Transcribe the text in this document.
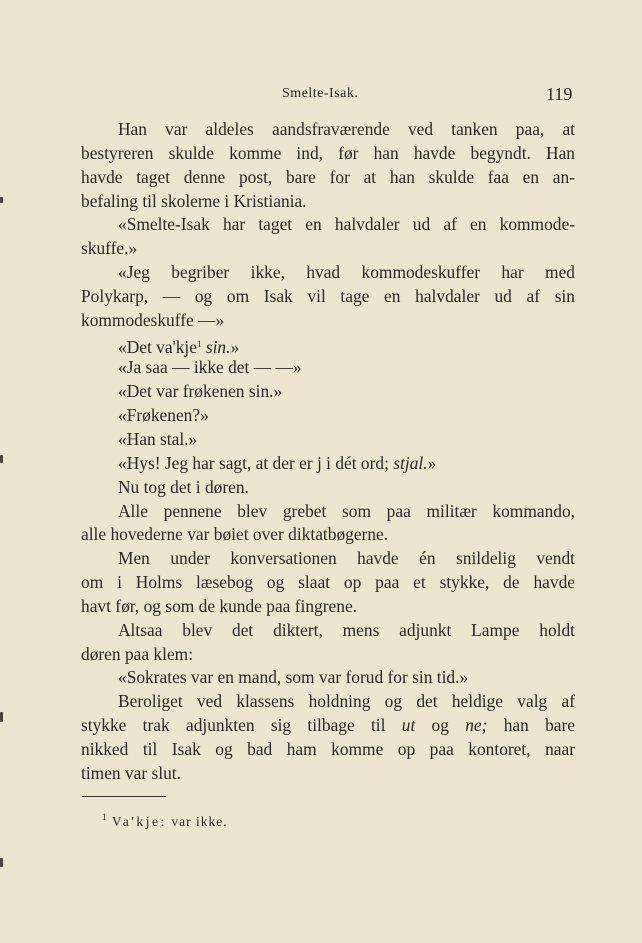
Smelte-Isak.	119
Han var aldeles aandsfraværende ved tanken paa, at
bestyreren skulde komme ind, før han havde begyndt. Han
havde taget denne post, bare for at han skulde faa en an-
befaling til skolerne i Kristiania.
«Smelte-Isak har taget en halvdaler ud af en kommode-
skuffe.»
«Jeg begriber ikke, hvad kommodeskuffer har med
Polykarp, — og om Isak vil tage en halvdaler ud af sin
kommodeskuffe —»
«Det va'kje$^1$ sin.»
«Ja saa — ikke det — —»
«Det var frøkenen sin.»
«Frøkenen?»
«Han stal.»
«Hys! Jeg har sagt, at der er j i dét ord; stjal.»
Nu tog det i døren.
Alle pennene blev grebet som paa militær kommando,
alle hovederne var bøiet over diktatbøgerne.
Men under konversationen havde én snildelig vendt
om i Holms læsebog og slaat op paa et stykke, de havde
havt før, og som de kunde paa fingrene.
Altsaa blev det diktert, mens adjunkt Lampe holdt
døren paa klem:
«Sokrates var en mand, som var forud for sin tid.»
Beroliget ved klassens holdning og det heldige valg af
stykke trak adjunkten sig tilbage til ut og ne; han bare
nikked til Isak og bad ham komme op paa kontoret, naar
timen var slut.
$^1$ Va'kje: var ikke.
